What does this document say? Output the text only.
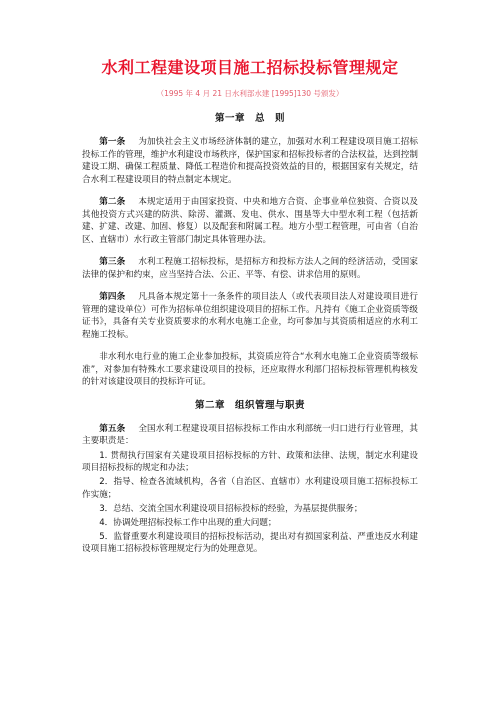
水利工程建设项目施工招标投标管理规定
（1995 年 4 月 21 日水利部水建 [1995]130 号颁发）
第一章　总　则

第一条 为加快社会主义市场经济体制的建立，加强对水利工程建设项目施工招标投标工作的管理，维护水利建设市场秩序，保护国家和招标投标者的合法权益，达到控制建设工期、确保工程质量、降低工程造价和提高投资效益的目的，根据国家有关规定，结合水利工程建设项目的特点制定本规定。

第二条 本规定适用于由国家投资、中央和地方合资、企事业单位独资、合资以及其他投资方式兴建的防洪、除涝、灌溉、发电、供水、围垦等大中型水利工程（包括新建、扩建、改建、加固、修复）以及配套和附属工程。地方小型工程管理，可由省（自治区、直辖市）水行政主管部门制定具体管理办法。

第三条 水利工程施工招标投标，是招标方和投标方法人之间的经济活动，受国家法律的保护和约束，应当坚持合法、公正、平等、有偿、讲求信用的原则。

第四条 凡具备本规定第十一条条件的项目法人（或代表项目法人对建设项目进行管理的建设单位）可作为招标单位组织建设项目的招标工作。凡持有《施工企业资质等级证书》，具备有关专业资质要求的水利水电施工企业，均可参加与其资质相适应的水利工程施工投标。

非水利水电行业的施工企业参加投标，其资质应符合“水利水电施工企业资质等级标准”，对参加有特殊水工要求建设项目的投标，还应取得水利部门招标投标管理机构核发的针对该建设项目的投标许可证。

第二章　组织管理与职责

第五条 全国水利工程建设项目招标投标工作由水利部统一归口进行行业管理，其主要职责是：

1. 贯彻执行国家有关建设项目招标投标的方针、政策和法律、法规，制定水利建设项目招标投标的规定和办法；
2．指导、检查各流域机构，各省（自治区、直辖市）水利建设项目施工招标投标工作实施；
3．总结、交流全国水利建设项目招标投标的经验，为基层提供服务；
4．协调处理招标投标工作中出现的重大问题；
5．监督重要水利建设项目的招标投标活动，提出对有损国家利益、严重违反水利建设项目施工招标投标管理规定行为的处理意见。
